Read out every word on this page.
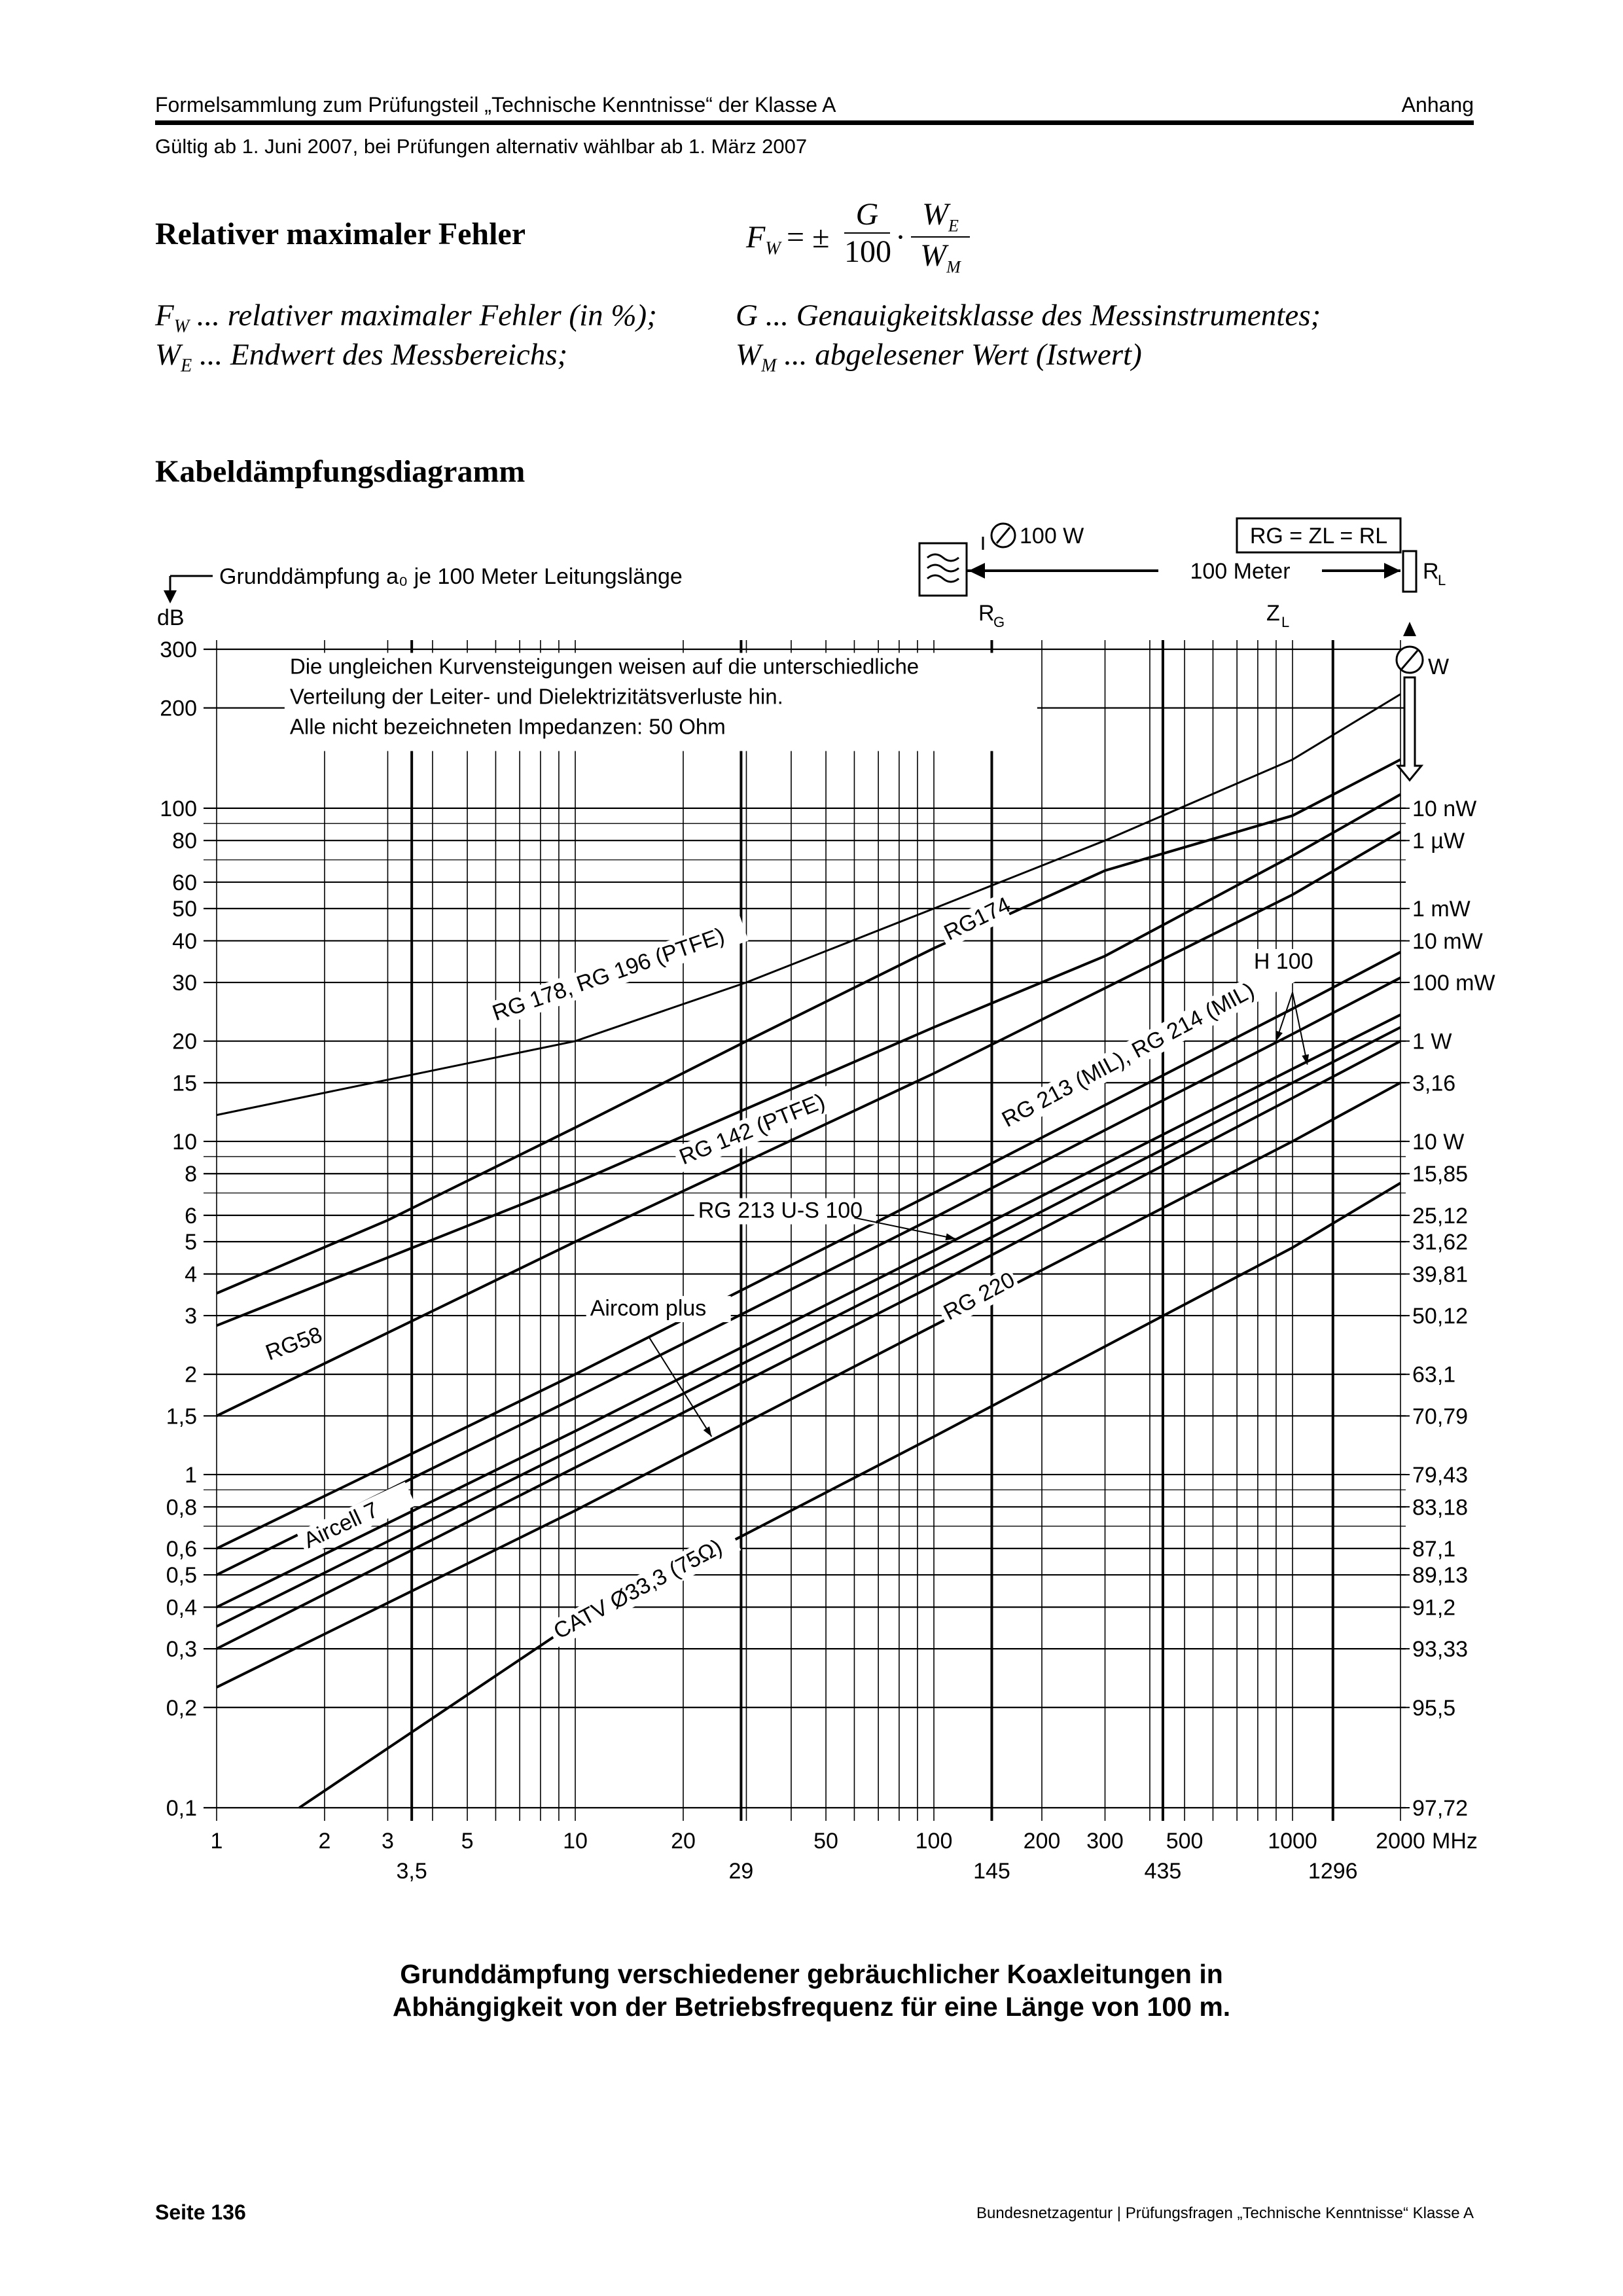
Formelsammlung zum Prüfungsteil „Technische Kenntnisse“ der Klasse A	Anhang
Gültig ab 1. Juni 2007, bei Prüfungen alternativ wählbar ab 1. März 2007
Relativer maximaler Fehler	$F_W$ = ± $\frac{G}{100} \cdot \frac{W_E}{W_M}$
$F_W$ ... relativer maximaler Fehler (in %);	G ... Genauigkeitsklasse des Messinstrumentes;
$W_E$ ... Endwert des Messbereichs;	$W_M$ ... abgelesener Wert (Istwert)
Kabeldämpfungsdiagramm
RG 178, RG 196 (PTFE)
RG174
RG 142 (PTFE)
RG58
RG 213 (MIL), RG 214 (MIL)
RG 213 U-S 100
Aircom plus
Aircell 7
H 100
RG 220
CATV Ø33,3 (75Ω)
Die ungleichen Kurvensteigungen weisen auf die unterschiedliche
Verteilung der Leiter- und Dielektrizitätsverluste hin.
Alle nicht bezeichneten Impedanzen: 50 Ohm
300
200
100
80
60
50
40
30
20
15
10
8
6
5
4
3
2
1,5
1
0,8
0,6
0,5
0,4
0,3
0,2
0,1
10 nW
1 µW
1 mW
10 mW
100 mW
1 W
3,16
10 W
15,85
25,12
31,62
39,81
50,12
63,1
70,79
79,43
83,18
87,1
89,13
91,2
93,33
95,5
97,72
1	2 3
3,5
5	10	20
29
50	100
145
200 300
435
500	1000
1296
2000 MHz
Grunddämpfung a₀ je 100 Meter Leitungslänge
dB
100 Meter
100 W
R
G	Z L
RG = ZL = RL
R
L
W
Grunddämpfung verschiedener gebräuchlicher Koaxleitungen in
Abhängigkeit von der Betriebsfrequenz für eine Länge von 100 m.
Seite 136	Bundesnetzagentur | Prüfungsfragen „Technische Kenntnisse“ Klasse A
